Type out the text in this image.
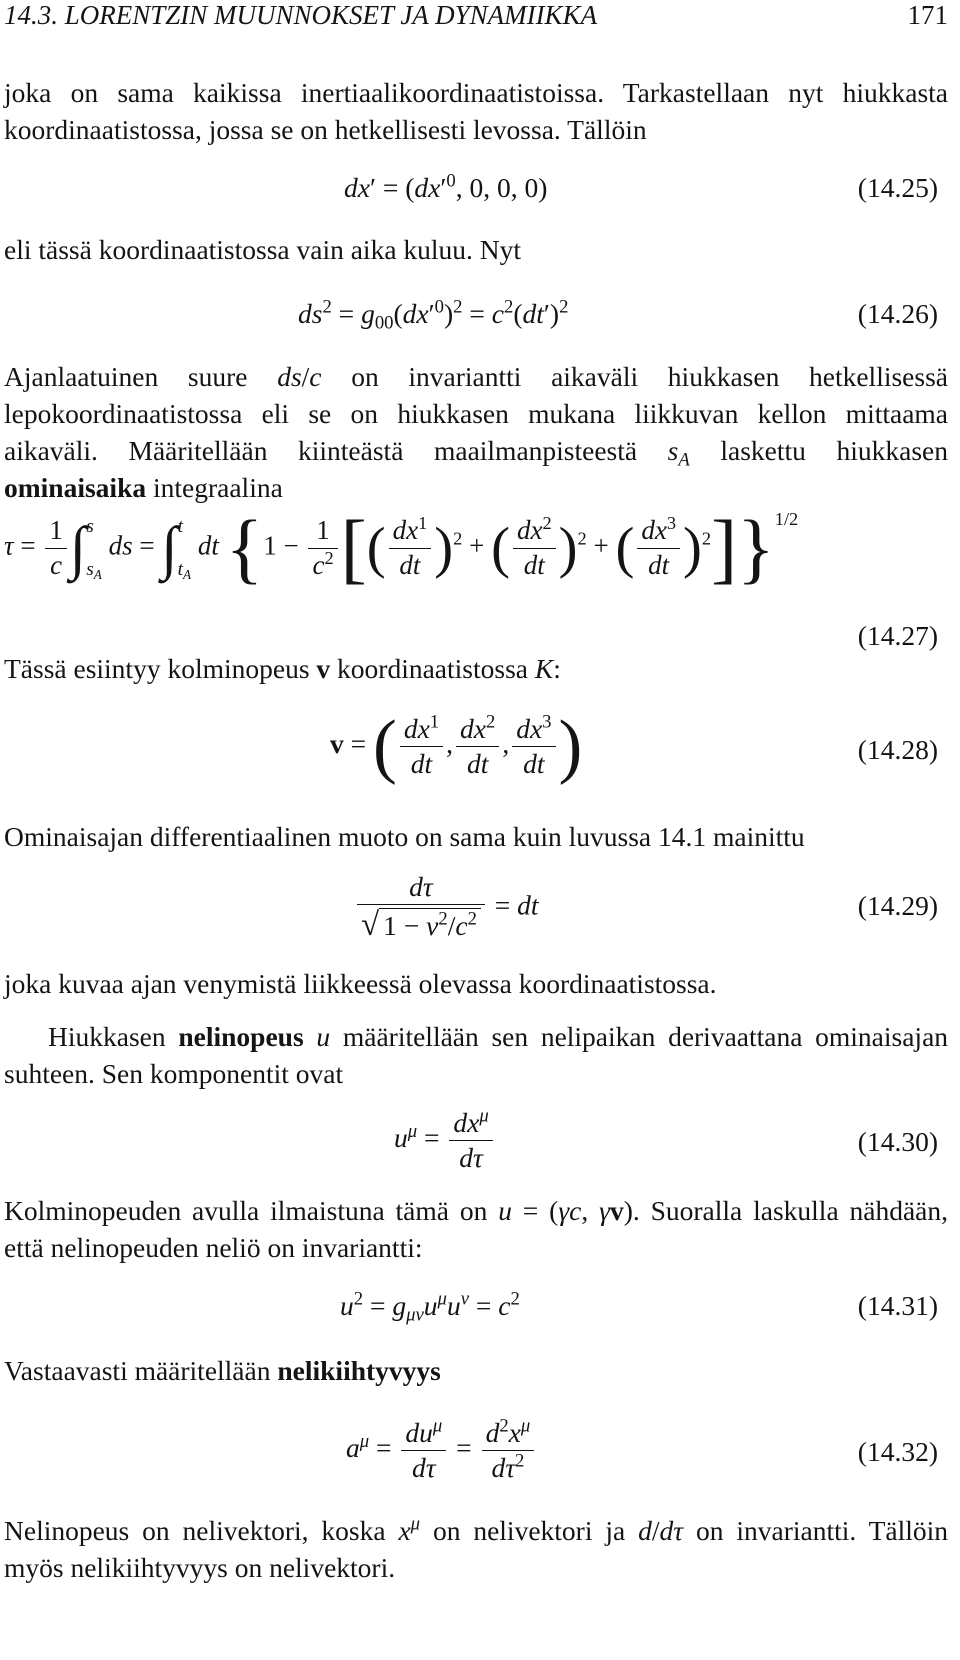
14.3. LORENTZIN MUUNNOKSET JA DYNAMIIKKA	171
joka on sama kaikissa inertiaalikoordinaatistoissa. Tarkastellaan nyt hiukkasta koordinaatistossa, jossa se on hetkellisesti levossa. Tällöin
$dx' = (dx'^0$, 0, 0, 0)	(14.25)
eli tässä koordinaatistossa vain aika kuluu. Nyt
$ds^2 = g_{00}(dx'^0)^2 = c^2(dt')^2$	(14.26)
Ajanlaatuinen suure ds/c on invariantti aikaväli hiukkasen hetkellisessä lepokoordinaatistossa eli se on hiukkasen mukana liikkuvan kellon mittaama aikaväli. Määritellään kiinteästä maailmanpisteestä $s_A$ laskettu hiukkasen ominaisaika integraalina
$\tau = \frac{1}{c}$ ∫ s

$s_A$
ds = ∫ t

$t_A$
dt {$1 - \frac{1}{c^2}$ [( $\frac{dx^1}{dt} )^2$ + ( $\frac{dx^2}{dt} )^2$ + ( $\frac{dx^3}{dt} )^2]\}^{1/2}$
(14.27)
Tässä esiintyy kolminopeus v koordinaatistossa K:
v = ( $\frac{dx^1}{dt}$ , $\frac{dx^2}{dt}$ , $\frac{dx^3}{dt}$ )	(14.28)
Ominaisajan differentiaalinen muoto on sama kuin luvussa 14.1 mainittu
$\frac{d\tau}{√ 1 - v^2/c^2}$ = dt	(14.29)
joka kuvaa ajan venymistä liikkeessä olevassa koordinaatistossa.
Hiukkasen nelinopeus u määritellään sen nelipaikan derivaattana ominaisajan suhteen. Sen komponentit ovat
$u^\mu = \frac{dx^\mu}{d\tau}$	(14.30)
Kolminopeuden avulla ilmaistuna tämä on u = (γc, γv). Suoralla laskulla nähdään, että nelinopeuden neliö on invariantti:
$u^2 = g_{\mu\nu}u^\mu u^\nu = c^2$	(14.31)
Vastaavasti määritellään nelikiihtyvyys
$a^\mu = \frac{du^\mu}{d\tau} = \frac{d^2x^\mu}{d\tau^2}$	(14.32)
Nelinopeus on nelivektori, koska $x^\mu$ on nelivektori ja d/dτ on invariantti. Tällöin myös nelikiihtyvyys on nelivektori.
